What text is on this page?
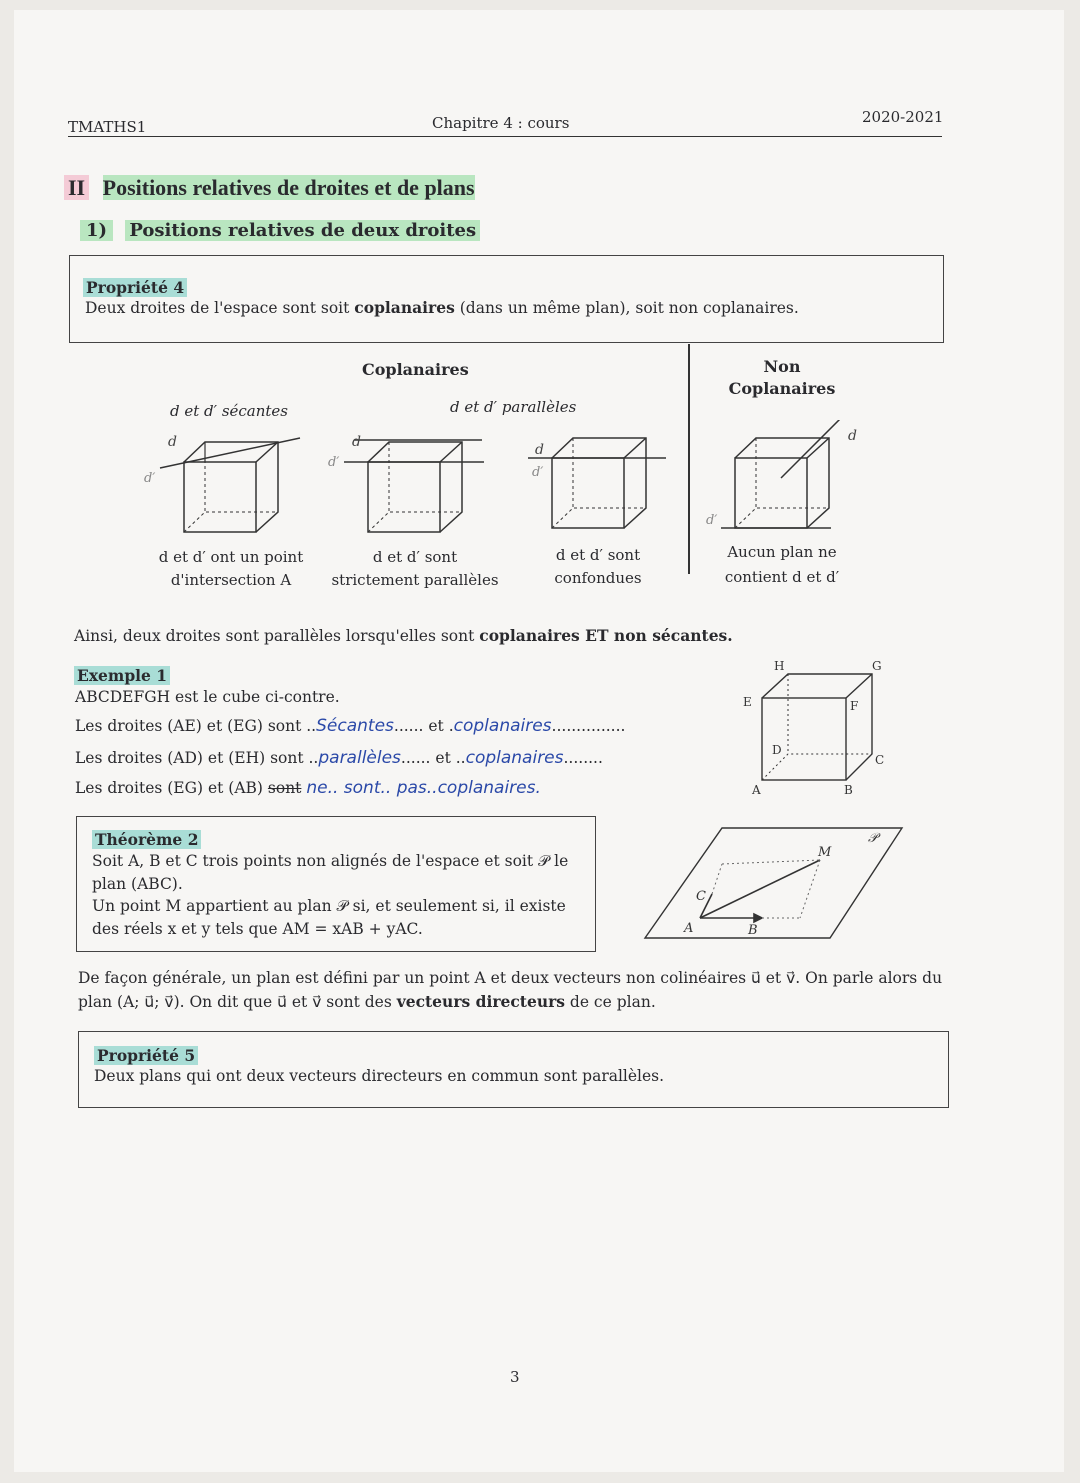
TMATHS1	Chapitre 4 : cours	2020-2021
II Positions relatives de droites et de plans
1) Positions relatives de deux droites
Propriété 4
Deux droites de l'espace sont soit coplanaires (dans un même plan), soit non coplanaires.
Coplanaires	Non
Coplanaires
d et d′ sécantes	d et d′ parallèles
d
d′
d
d′
d
d′
d
d′
d et d′ ont un point
d'intersection A
d et d′ sont
strictement parallèles
d et d′ sont
confondues
Aucun plan ne
contient d et d′
Ainsi, deux droites sont parallèles lorsqu'elles sont coplanaires ET non sécantes.
Exemple 1
ABCDEFGH est le cube ci-contre.
Les droites (AE) et (EG) sont ..Sécantes...... et .coplanaires...............
Les droites (AD) et (EH) sont ..parallèles...... et ..coplanaires........
Les droites (EG) et (AB) sont ne.. sont.. pas..coplanaires.	A	B
C
D
E	F
G
H
Théorème 2
Soit A, B et C trois points non alignés de l'espace et soit 𝒫 le
plan (ABC).
Un point M appartient au plan 𝒫 si, et seulement si, il existe
des réels x et y tels que AM = xAB + yAC.
𝒫
A	B
C
M
De façon générale, un plan est défini par un point A et deux vecteurs non colinéaires u⃗ et v⃗. On parle alors du
plan (A; u⃗; v⃗). On dit que u⃗ et v⃗ sont des vecteurs directeurs de ce plan.
Propriété 5
Deux plans qui ont deux vecteurs directeurs en commun sont parallèles.
3
